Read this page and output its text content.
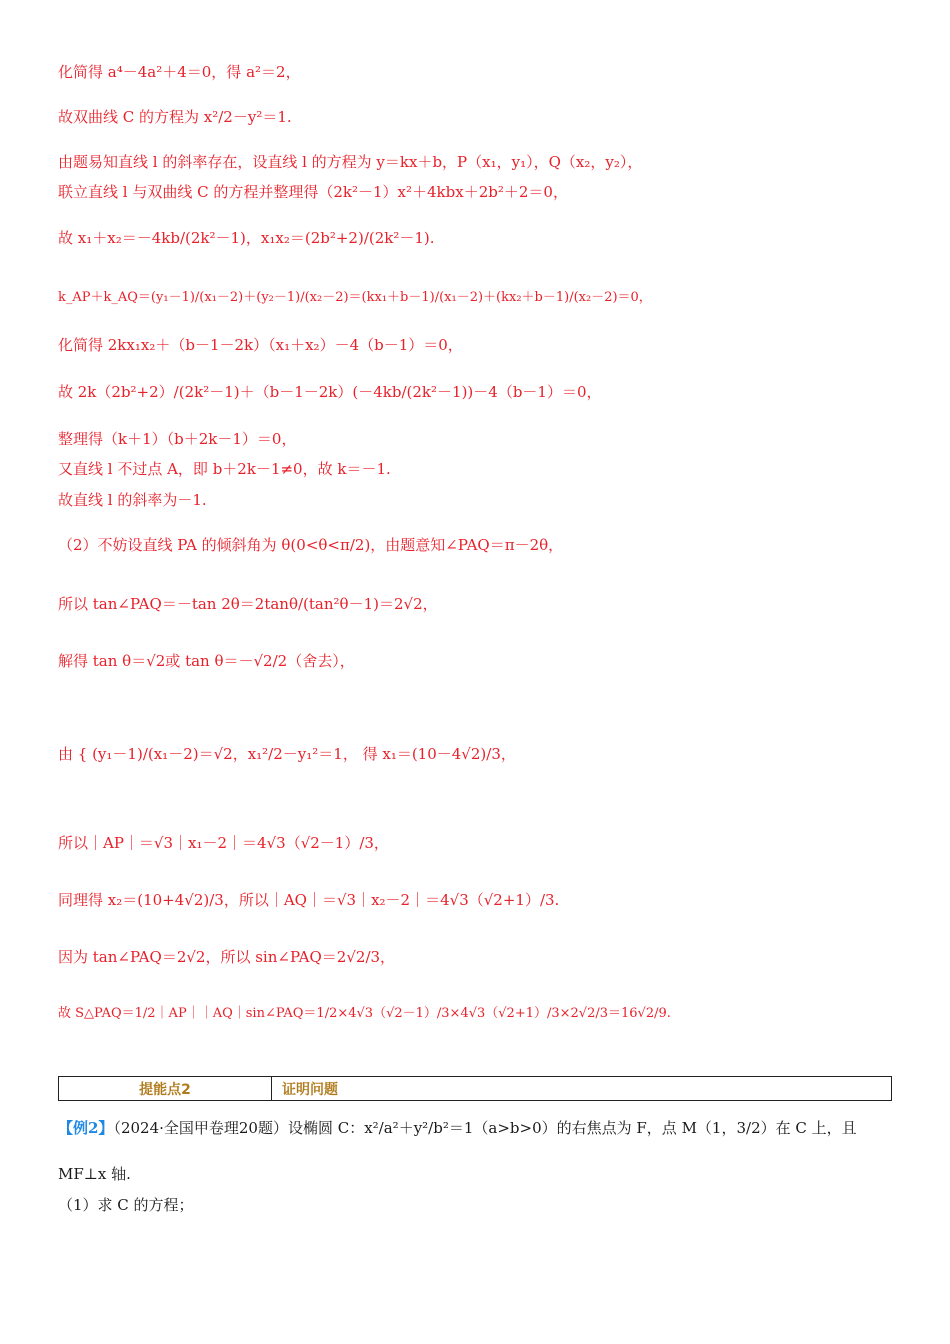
化简得 a⁴－4a²＋4＝0，得 a²＝2，
故双曲线 C 的方程为 x²/2－y²＝1.
由题易知直线 l 的斜率存在，设直线 l 的方程为 y＝kx＋b，P（x₁，y₁），Q（x₂，y₂），
联立直线 l 与双曲线 C 的方程并整理得（2k²－1）x²＋4kbx＋2b²＋2＝0，
故 x₁＋x₂＝－4kb/(2k²－1)，x₁x₂＝(2b²+2)/(2k²－1).
k_AP＋k_AQ＝(y₁－1)/(x₁－2)＋(y₂－1)/(x₂－2)＝(kx₁＋b－1)/(x₁－2)＋(kx₂＋b－1)/(x₂－2)＝0，
化简得 2kx₁x₂＋（b－1－2k）（x₁＋x₂）－4（b－1）＝0，
故 2k（2b²+2）/(2k²－1)＋（b－1－2k）(－4kb/(2k²－1))－4（b－1）＝0，
整理得（k＋1）（b＋2k－1）＝0，
又直线 l 不过点 A，即 b＋2k－1≠0，故 k＝－1.
故直线 l 的斜率为－1.
（2）不妨设直线 PA 的倾斜角为 θ(0<θ<π/2)，由题意知∠PAQ＝π－2θ，
所以 tan∠PAQ＝－tan 2θ＝2tanθ/(tan²θ－1)＝2√2，
解得 tan θ＝√2或 tan θ＝－√2/2（舍去），
由 { (y₁－1)/(x₁－2)＝√2，x₁²/2－y₁²＝1， 得 x₁＝(10－4√2)/3，
所以｜AP｜＝√3｜x₁－2｜＝4√3（√2－1）/3，
同理得 x₂＝(10+4√2)/3，所以｜AQ｜＝√3｜x₂－2｜＝4√3（√2+1）/3.
因为 tan∠PAQ＝2√2，所以 sin∠PAQ＝2√2/3，
故 S△PAQ＝1/2｜AP｜｜AQ｜sin∠PAQ＝1/2×4√3（√2－1）/3×4√3（√2+1）/3×2√2/3＝16√2/9.
提能点2	证明问题
【例2】（2024·全国甲卷理20题）设椭圆 C：x²/a²＋y²/b²＝1（a>b>0）的右焦点为 F，点 M（1，3/2）在 C 上，且
MF⊥x 轴.
（1）求 C 的方程；
